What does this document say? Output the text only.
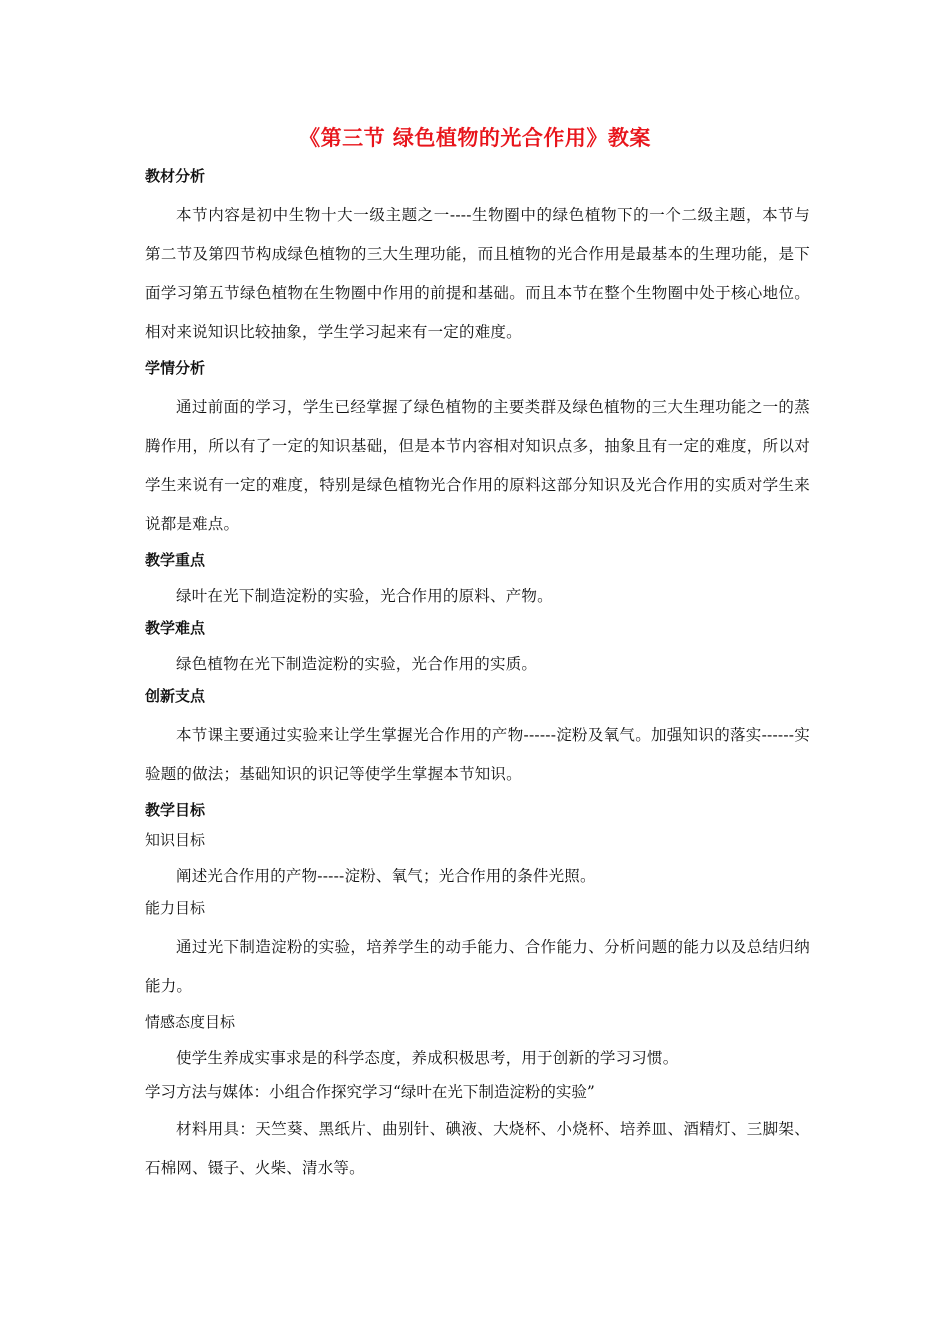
《第三节 绿色植物的光合作用》教案
教材分析

本节内容是初中生物十大一级主题之一----生物圈中的绿色植物下的一个二级主题，本节与第二节及第四节构成绿色植物的三大生理功能，而且植物的光合作用是最基本的生理功能，是下面学习第五节绿色植物在生物圈中作用的前提和基础。而且本节在整个生物圈中处于核心地位。相对来说知识比较抽象，学生学习起来有一定的难度。

学情分析

通过前面的学习，学生已经掌握了绿色植物的主要类群及绿色植物的三大生理功能之一的蒸腾作用，所以有了一定的知识基础，但是本节内容相对知识点多，抽象且有一定的难度，所以对学生来说有一定的难度，特别是绿色植物光合作用的原料这部分知识及光合作用的实质对学生来说都是难点。

教学重点

绿叶在光下制造淀粉的实验，光合作用的原料、产物。

教学难点

绿色植物在光下制造淀粉的实验，光合作用的实质。

创新支点

本节课主要通过实验来让学生掌握光合作用的产物------淀粉及氧气。加强知识的落实------实验题的做法；基础知识的识记等使学生掌握本节知识。

教学目标
知识目标

阐述光合作用的产物-----淀粉、氧气；光合作用的条件光照。

能力目标

通过光下制造淀粉的实验，培养学生的动手能力、合作能力、分析问题的能力以及总结归纳能力。

情感态度目标

使学生养成实事求是的科学态度，养成积极思考，用于创新的学习习惯。

学习方法与媒体：小组合作探究学习“绿叶在光下制造淀粉的实验”

材料用具：天竺葵、黑纸片、曲别针、碘液、大烧杯、小烧杯、培养皿、酒精灯、三脚架、石棉网、镊子、火柴、清水等。
